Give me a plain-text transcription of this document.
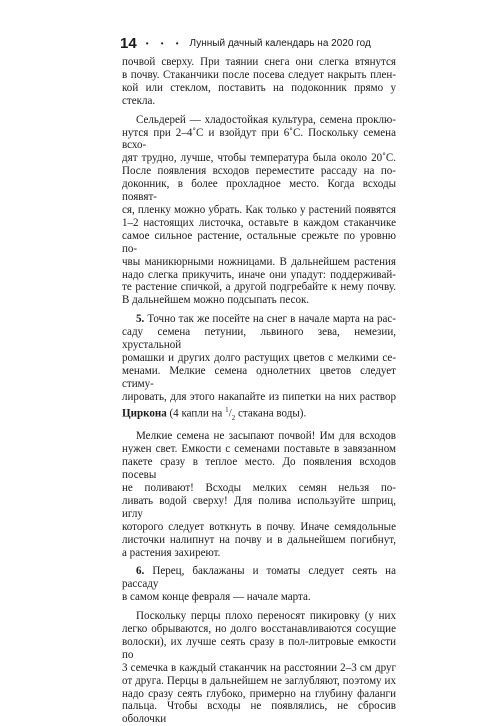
14 • • • Лунный дачный календарь на 2020 год

почвой сверху. При таянии снега они слегка втянутся

в почву. Стаканчики после посева следует накрыть плен-

кой или стеклом, поставить на подоконник прямо у стекла.

Сельдерей — хладостойкая культура, семена проклю-

нутся при 2–4˚С и взойдут при 6˚С. Поскольку семена всхо-

дят трудно, лучше, чтобы температура была около 20˚С.

После появления всходов переместите рассаду на по-

доконник, в более прохладное место. Когда всходы появят-

ся, пленку можно убрать. Как только у растений появятся

1–2 настоящих листочка, оставьте в каждом стаканчике

самое сильное растение, остальные срежьте по уровню по-

чвы маникюрными ножницами. В дальнейшем растения

надо слегка прикучить, иначе они упадут: поддерживай-

те растение спичкой, а другой подгребайте к нему почву.

В дальнейшем можно подсыпать песок.

5. Точно так же посейте на снег в начале марта на рас-

саду семена петунии, львиного зева, немезии, хрустальной

ромашки и других долго растущих цветов с мелкими се-

менами. Мелкие семена однолетних цветов следует стиму-

лировать, для этого накапайте из пипетки на них раствор

Циркона (4 капли на $^1/_2$ стакана воды).

Мелкие семена не засыпают почвой! Им для всходов

нужен свет. Емкости с семенами поставьте в завязанном

пакете сразу в теплое место. До появления всходов посевы

не поливают! Всходы мелких семян нельзя по-

ливать водой сверху! Для полива используйте шприц, иглу

которого следует воткнуть в почву. Иначе семядольные

листочки налипнут на почву и в дальнейшем погибнут,

а растения захиреют.

6. Перец, баклажаны и томаты следует сеять на рассаду

в самом конце февраля — начале марта.

Поскольку перцы плохо переносят пикировку (у них

легко обрываются, но долго восстанавливаются сосущие

волоски), их лучше сеять сразу в пол-литровые емкости по

3 семечка в каждый стаканчик на расстоянии 2–3 см друг

от друга. Перцы в дальнейшем не заглубляют, поэтому их

надо сразу сеять глубоко, примерно на глубину фаланги

пальца. Чтобы всходы не появлялись, не сбросив оболочки
